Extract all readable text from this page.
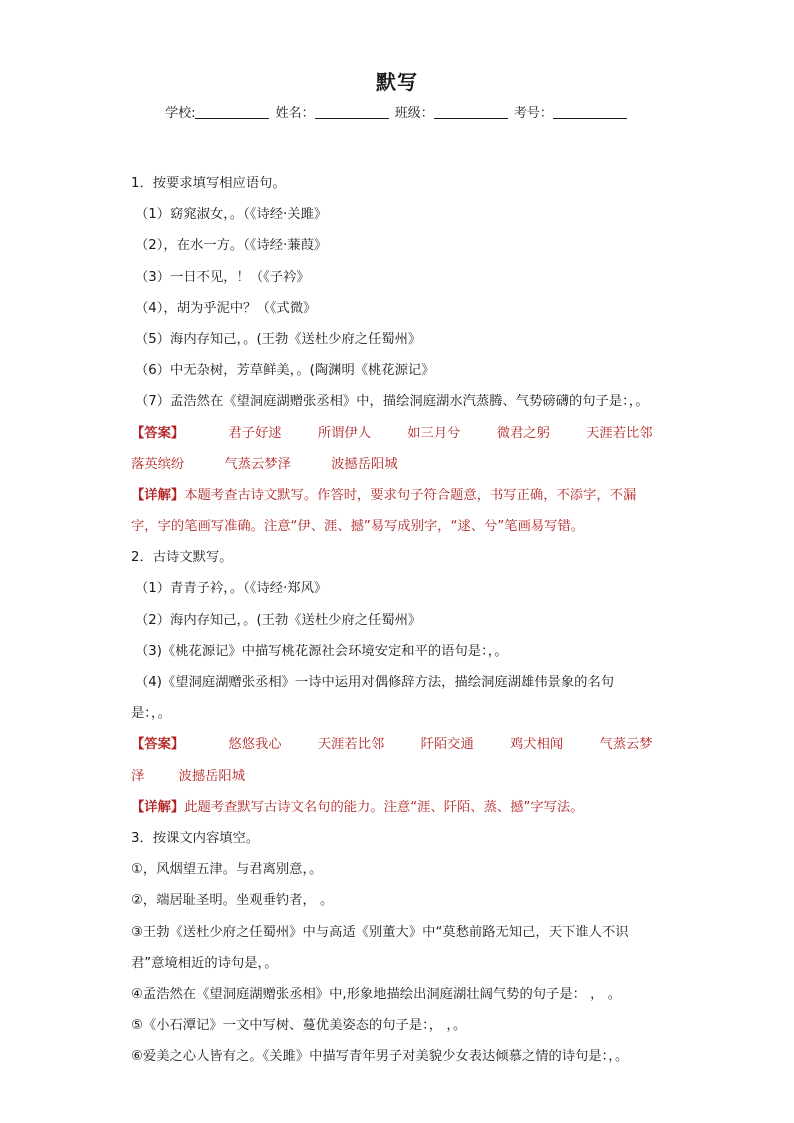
默写
学校:	姓名：	班级：	考号：
1．按要求填写相应语句。
（1）窈窕淑女，。（《诗经·关雎》
（2），在水一方。（《诗经·蒹葭》
（3）一日不见，！（《子衿》
（4），胡为乎泥中？（《式微》
（5）海内存知己，。(王勃《送杜少府之任蜀州》
（6）中无杂树，芳草鲜美，。(陶渊明《桃花源记》
（7）孟浩然在《望洞庭湖赠张丞相》中，描绘洞庭湖水汽蒸腾、气势磅礴的句子是：，。
【答案】	君子好逑	所谓伊人	如三月兮	微君之躬	天涯若比邻
落英缤纷	气蒸云梦泽	波撼岳阳城
【详解】本题考查古诗文默写。作答时，要求句子符合题意，书写正确，不添字，不漏
字，字的笔画写准确。注意“伊、涯、撼”易写成别字，“逑、兮”笔画易写错。
2．古诗文默写。
（1）青青子衿，。（《诗经·郑风》
（2）海内存知己，。(王勃《送杜少府之任蜀州》
（3)《桃花源记》中描写桃花源社会环境安定和平的语句是：，。
（4)《望洞庭湖赠张丞相》一诗中运用对偶修辞方法，描绘洞庭湖雄伟景象的名句
是：，。
【答案】	悠悠我心	天涯若比邻	阡陌交通	鸡犬相闻	气蒸云梦
泽	波撼岳阳城
【详解】此题考查默写古诗文名句的能力。注意“涯、阡陌、蒸、撼”字写法。
3．按课文内容填空。
①，风烟望五津。与君离别意，。
②，端居耻圣明。坐观垂钓者， 。
③王勃《送杜少府之任蜀州》中与高适《别董大》中“莫愁前路无知己，天下谁人不识
君”意境相近的诗句是，。
④孟浩然在《望洞庭湖赠张丞相》中,形象地描绘出洞庭湖壮阔气势的句子是： ， 。
⑤《小石潭记》一文中写树、蔓优美姿态的句子是：， ，。
⑥爱美之心人皆有之。《关雎》中描写青年男子对美貌少女表达倾慕之情的诗句是：，。
